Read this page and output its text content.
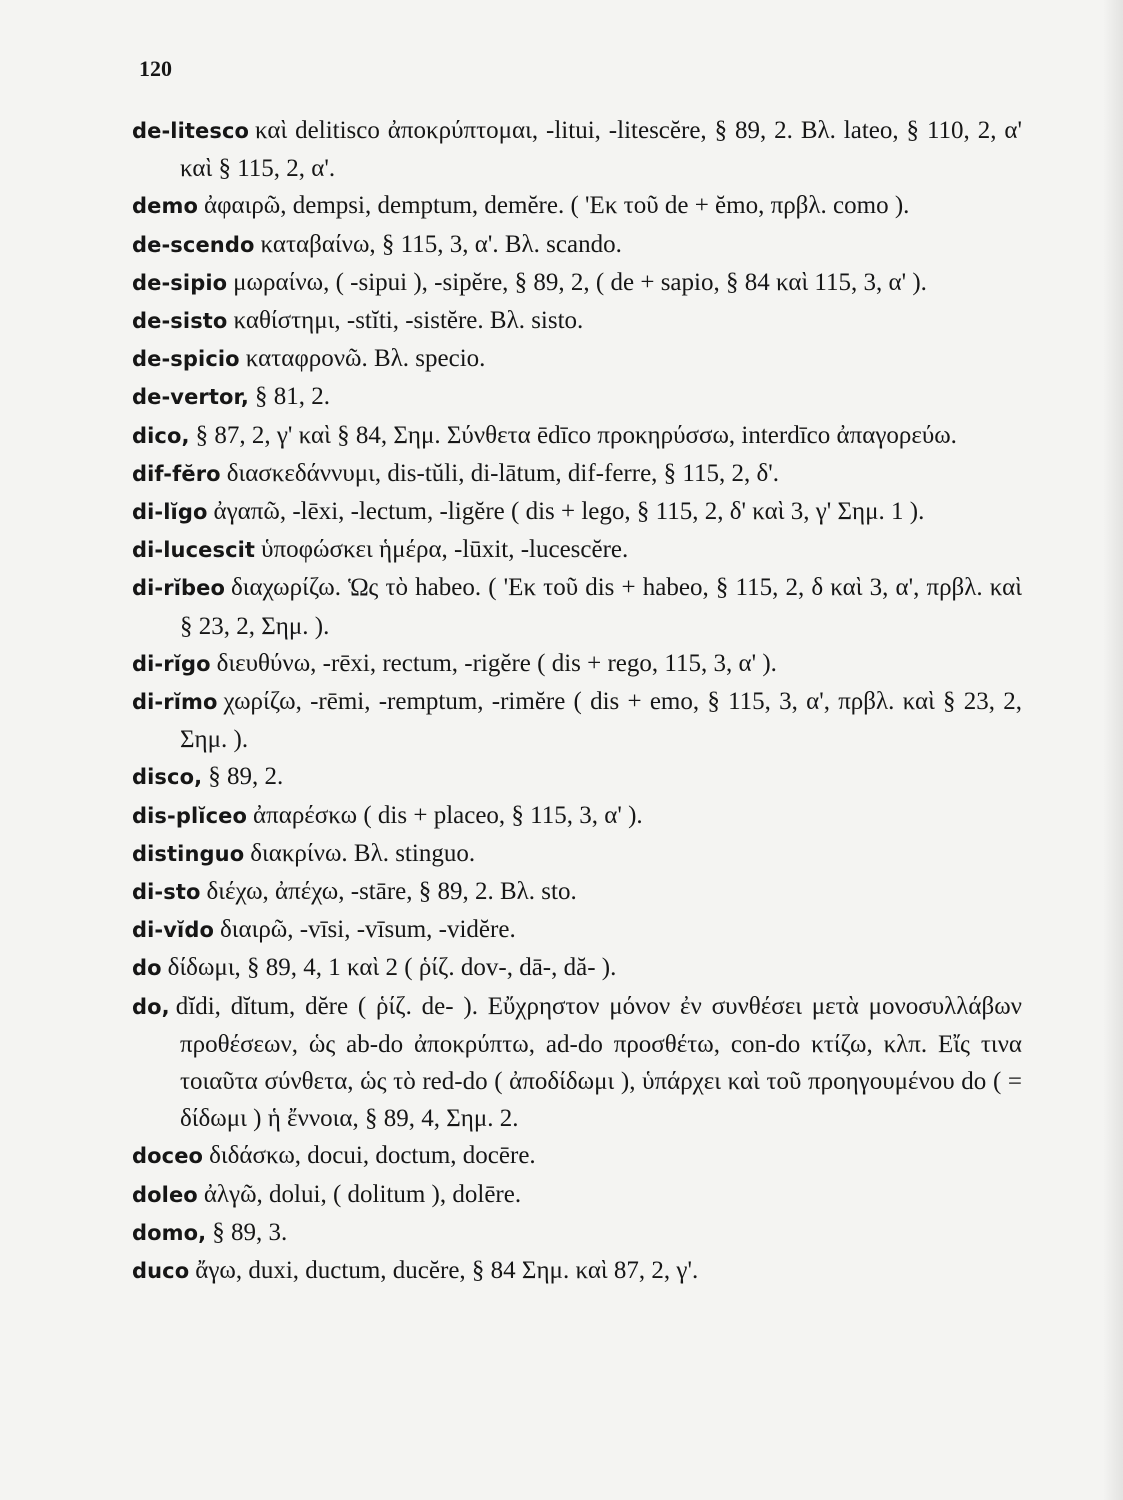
120
de-litesco καὶ delitisco ἀποκρύπτομαι, -litui, -litescĕre, § 89, 2. Βλ. lateo, § 110, 2, α' καὶ § 115, 2, α'.
demo ἀφαιρῶ, dempsi, demptum, demĕre. ( 'Εκ τοῦ de + ĕmo, πρβλ. como ).
de-scendo καταβαίνω, § 115, 3, α'. Βλ. scando.
de-sipio μωραίνω, ( -sipui ), -sipĕre, § 89, 2, ( de + sapio, § 84 καὶ 115, 3, α' ).
de-sisto καθίστημι, -stĭti, -sistĕre. Βλ. sisto.
de-spicio καταφρονῶ. Βλ. specio.
de-vertor, § 81, 2.
dico, § 87, 2, γ' καὶ § 84, Σημ. Σύνθετα ēdīco προκηρύσσω, interdīco ἀπαγορεύω.
dif-fĕro διασκεδάννυμι, dis-tŭli, di-lātum, dif-ferre, § 115, 2, δ'.
di-lĭgo ἀγαπῶ, -lēxi, -lectum, -ligĕre ( dis + lego, § 115, 2, δ' καὶ 3, γ' Σημ. 1 ).
di-lucescit ὑποφώσκει ἡμέρα, -lūxit, -lucescĕre.
di-rĭbeo διαχωρίζω. Ὡς τὸ habeo. ( 'Εκ τοῦ dis + habeo, § 115, 2, δ καὶ 3, α', πρβλ. καὶ § 23, 2, Σημ. ).
di-rĭgo διευθύνω, -rēxi, rectum, -rigĕre ( dis + rego, 115, 3, α' ).
di-rĭmo χωρίζω, -rēmi, -remptum, -rimĕre ( dis + emo, § 115, 3, α', πρβλ. καὶ § 23, 2, Σημ. ).
disco, § 89, 2.
dis-plĭceo ἀπαρέσκω ( dis + placeo, § 115, 3, α' ).
distinguo διακρίνω. Βλ. stinguo.
di-sto διέχω, ἀπέχω, -stāre, § 89, 2. Βλ. sto.
di-vĭdo διαιρῶ, -vīsi, -vīsum, -vidĕre.
do δίδωμι, § 89, 4, 1 καὶ 2 ( ῥίζ. dov-, dā-, dă- ).
do, dĭdi, dĭtum, dĕre ( ῥίζ. de- ). Εὔχρηστον μόνον ἐν συνθέσει μετὰ μονοσυλλάβων προθέσεων, ὡς ab-do ἀποκρύπτω, ad-do προσθέτω, con-do κτίζω, κλπ. Εἴς τινα τοιαῦτα σύνθετα, ὡς τὸ red-do ( ἀποδίδωμι ), ὑπάρχει καὶ τοῦ προηγουμένου do ( = δίδωμι ) ἡ ἔννοια, § 89, 4, Σημ. 2.
doceo διδάσκω, docui, doctum, docēre.
doleo ἀλγῶ, dolui, ( dolitum ), dolēre.
domo, § 89, 3.
duco ἄγω, duxi, ductum, ducĕre, § 84 Σημ. καὶ 87, 2, γ'.
